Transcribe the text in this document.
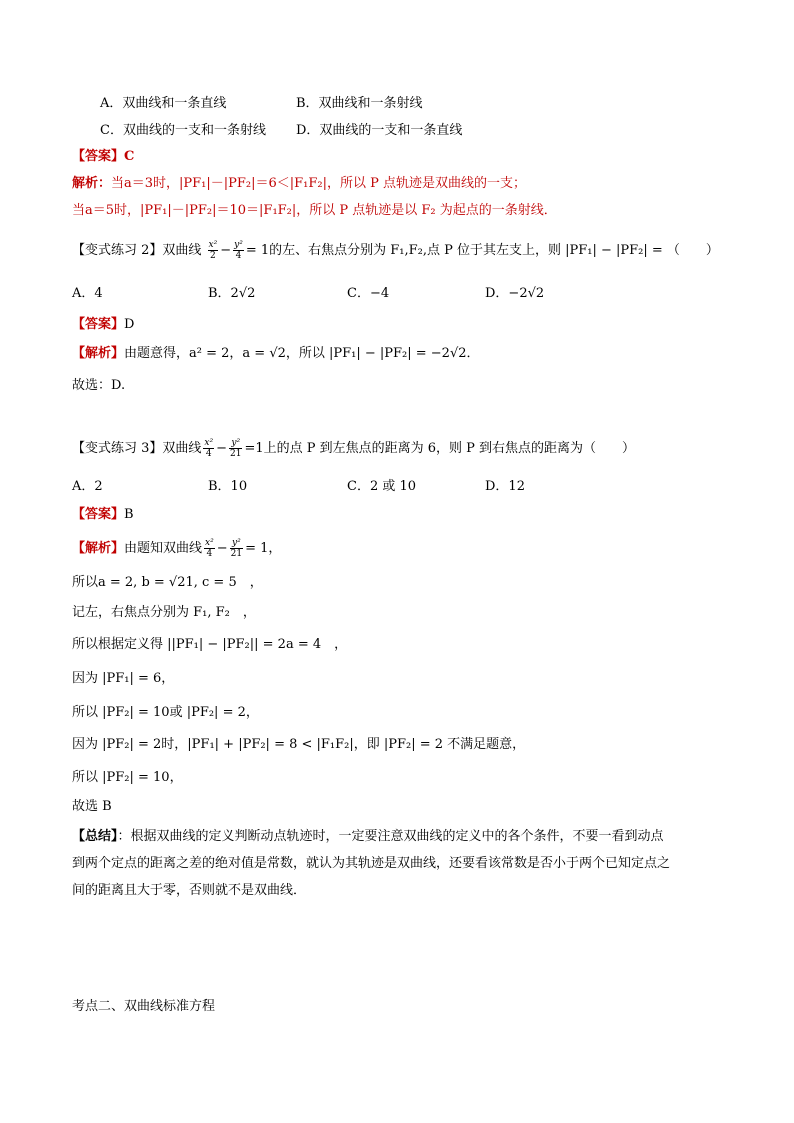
A．双曲线和一条直线	B．双曲线和一条射线
C．双曲线的一支和一条射线 D．双曲线的一支和一条直线
【答案】C
解析：当a＝3时，|PF₁|－|PF₂|＝6＜|F₁F₂|，所以 P 点轨迹是双曲线的一支；
当a＝5时，|PF₁|－|PF₂|＝10＝|F₁F₂|，所以 P 点轨迹是以 F₂ 为起点的一条射线．
【变式练习 2】双曲线 $\frac{\text{x²}}{2} - \frac{\text{y²}}{4} = 1$的左、右焦点分别为 F₁,F₂,点 P 位于其左支上，则 |PF₁| − |PF₂| = （　　）
A．4	B．2√2	C．−4	D．−2√2
【答案】D
【解析】由题意得，a² = 2，a = √2，所以 |PF₁| − |PF₂| = −2√2．
故选：D.
【变式练习 3】双曲线 $\frac{\text{x²}}{4} - \frac{\text{y²}}{21} =1$上的点 P 到左焦点的距离为 6，则 P 到右焦点的距离为（　　）
A．2	B．10	C．2 或 10	D．12
【答案】B
【解析】由题知双曲线 $\frac{\text{x²}}{4} - \frac{\text{y²}}{21} = 1$，
所以a = 2, b = √21, c = 5　，
记左，右焦点分别为 F₁, F₂　，
所以根据定义得 ||PF₁| − |PF₂|| = 2a = 4　，
因为 |PF₁| = 6，
所以 |PF₂| = 10或 |PF₂| = 2，
因为 |PF₂| = 2时，|PF₁| + |PF₂| = 8 < |F₁F₂|，即 |PF₂| = 2 不满足题意，
所以 |PF₂| = 10，
故选 B
【总结】：根据双曲线的定义判断动点轨迹时，一定要注意双曲线的定义中的各个条件，不要一看到动点
到两个定点的距离之差的绝对值是常数，就认为其轨迹是双曲线，还要看该常数是否小于两个已知定点之
间的距离且大于零，否则就不是双曲线．
考点二、双曲线标准方程
